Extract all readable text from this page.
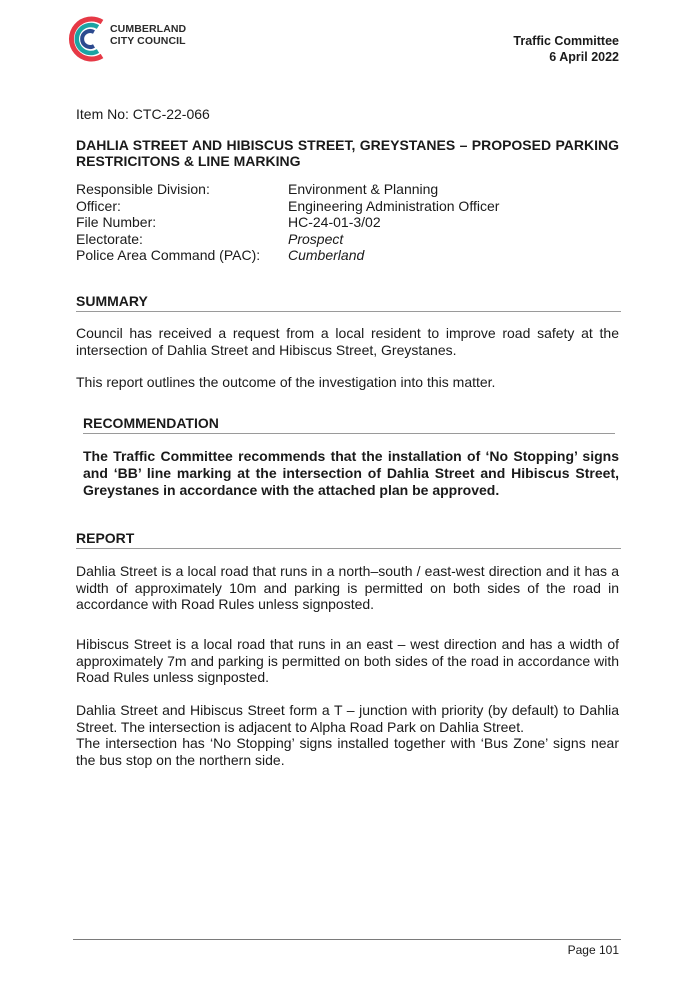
CUMBERLAND
CITY COUNCIL	Traffic Committee
6 April 2022
Item No: CTC-22-066
DAHLIA STREET AND HIBISCUS STREET, GREYSTANES – PROPOSED PARKING RESTRICITONS & LINE MARKING
Responsible Division:	Environment & Planning
Officer:	Engineering Administration Officer
File Number:	HC-24-01-3/02
Electorate:	Prospect
Police Area Command (PAC):	Cumberland
SUMMARY
Council has received a request from a local resident to improve road safety at the intersection of Dahlia Street and Hibiscus Street, Greystanes.
This report outlines the outcome of the investigation into this matter.
RECOMMENDATION
The Traffic Committee recommends that the installation of ‘No Stopping’ signs and ‘BB’ line marking at the intersection of Dahlia Street and Hibiscus Street, Greystanes in accordance with the attached plan be approved.
REPORT
Dahlia Street is a local road that runs in a north–south / east-west direction and it has a width of approximately 10m and parking is permitted on both sides of the road in accordance with Road Rules unless signposted.
Hibiscus Street is a local road that runs in an east – west direction and has a width of approximately 7m and parking is permitted on both sides of the road in accordance with Road Rules unless signposted.
Dahlia Street and Hibiscus Street form a T – junction with priority (by default) to Dahlia Street. The intersection is adjacent to Alpha Road Park on Dahlia Street.
The intersection has ‘No Stopping’ signs installed together with ‘Bus Zone’ signs near the bus stop on the northern side.
Page 101
